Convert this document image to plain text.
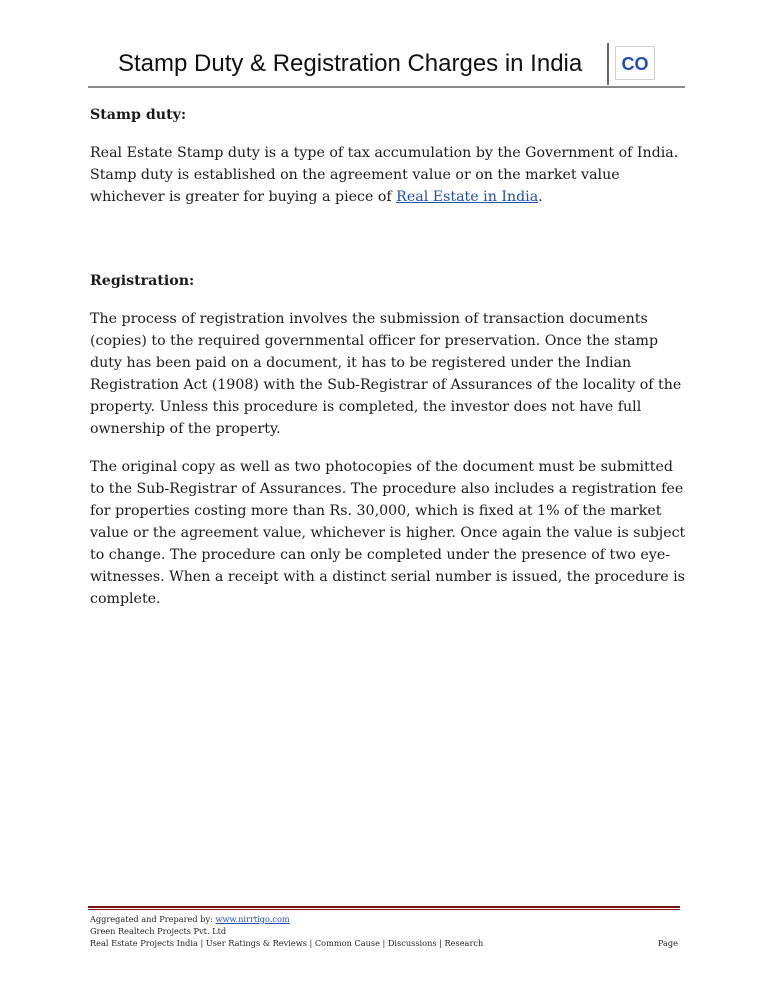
Stamp Duty & Registration Charges in India CO
Stamp duty:

Real Estate Stamp duty is a type of tax accumulation by the Government of India. Stamp duty is established on the agreement value or on the market value whichever is greater for buying a piece of Real Estate in India.

Registration:

The process of registration involves the submission of transaction documents (copies) to the required governmental officer for preservation. Once the stamp duty has been paid on a document, it has to be registered under the Indian Registration Act (1908) with the Sub-Registrar of Assurances of the locality of the property. Unless this procedure is completed, the investor does not have full ownership of the property.

The original copy as well as two photocopies of the document must be submitted to the Sub-Registrar of Assurances. The procedure also includes a registration fee for properties costing more than Rs. 30,000, which is fixed at 1% of the market value or the agreement value, whichever is higher. Once again the value is subject to change. The procedure can only be completed under the presence of two eye-witnesses. When a receipt with a distinct serial number is issued, the procedure is complete.

Aggregated and Prepared by: www.nirrtigo.com
Green Realtech Projects Pvt. Ltd
Real Estate Projects India | User Ratings & Reviews | Common Cause | Discussions | Research	Page
